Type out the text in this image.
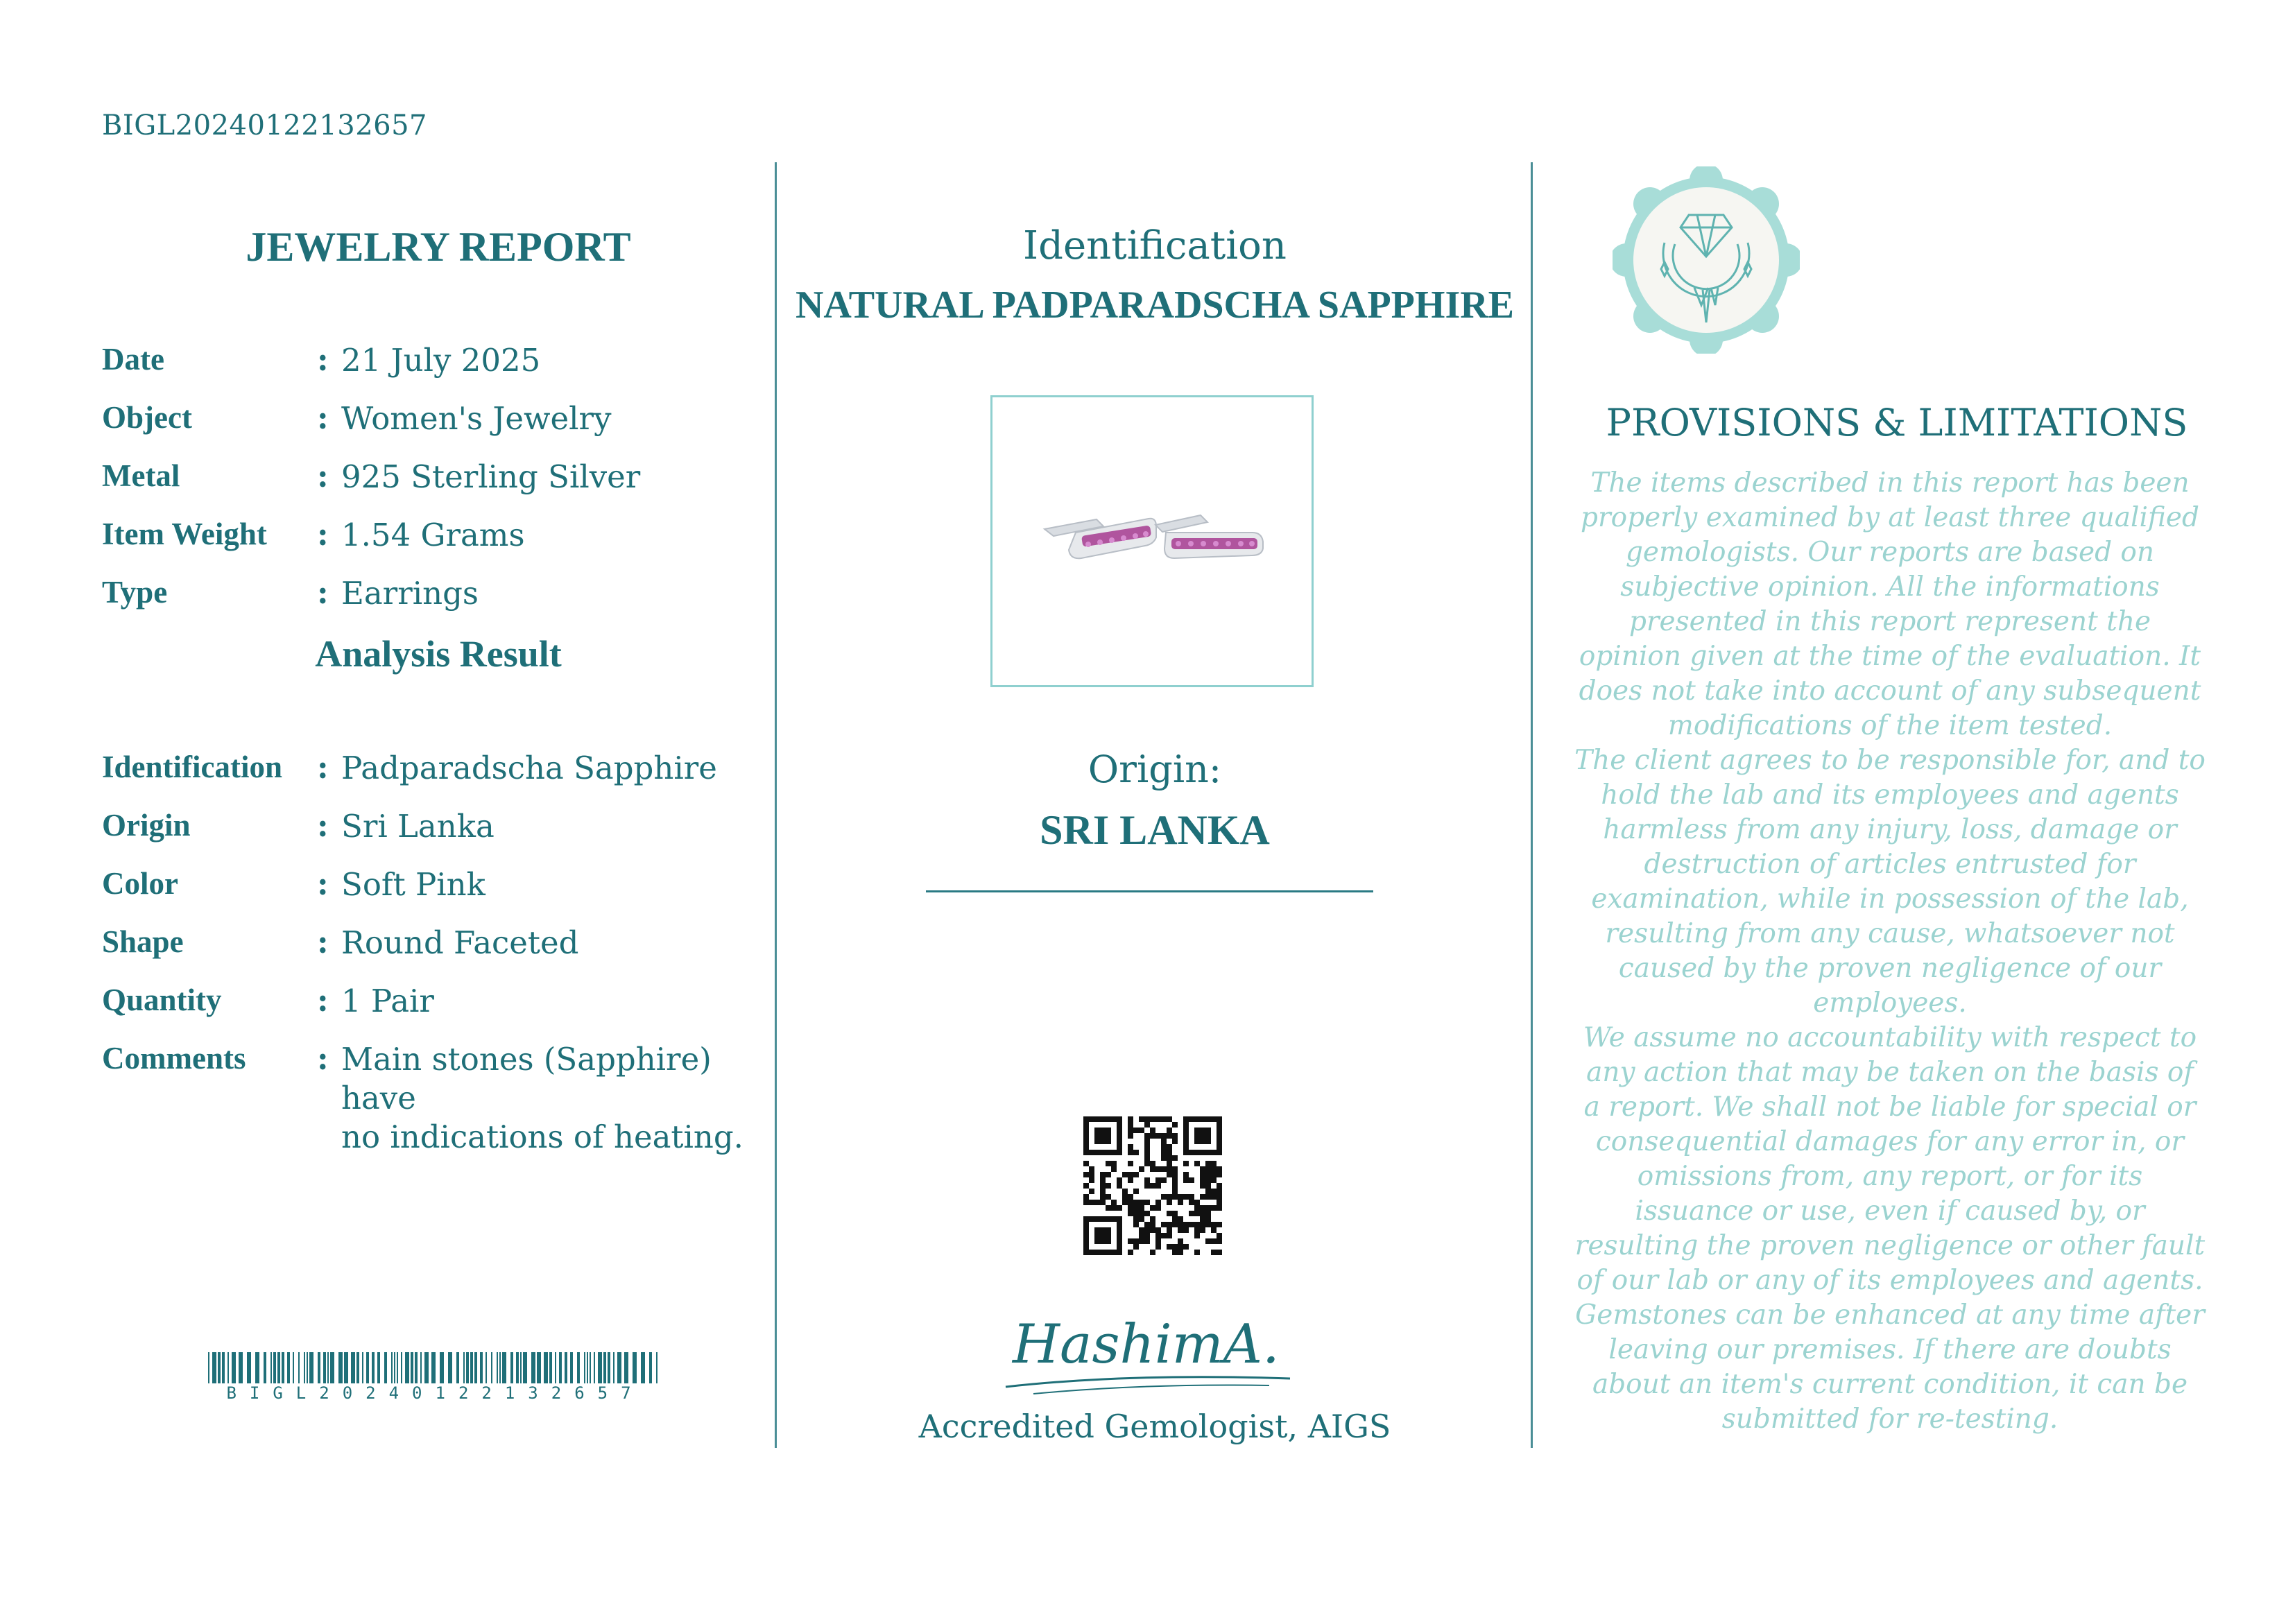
BIGL20240122132657
JEWELRY REPORT
Date	: 21 July 2025
Object	: Women's Jewelry
Metal	: 925 Sterling Silver
Item Weight : 1.54 Grams
Type	: Earrings
Analysis Result
Identification : Padparadscha Sapphire
Origin	: Sri Lanka
Color	: Soft Pink
Shape	: Round Faceted
Quantity	: 1 Pair
Comments : Main stones (Sapphire) have
no indications of heating.
BIGL20240122132657
Identification
NATURAL PADPARADSCHA SAPPHIRE
Origin:
SRI LANKA
HashimA.
Accredited Gemologist, AIGS
PROVISIONS & LIMITATIONS
The items described in this report has been properly examined by at least three qualified gemologists. Our reports are based on subjective opinion. All the informations presented in this report represent the opinion given at the time of the evaluation. It does not take into account of any subsequent modifications of the item tested.
The client agrees to be responsible for, and to hold the lab and its employees and agents harmless from any injury, loss, damage or destruction of articles entrusted for examination, while in possession of the lab, resulting from any cause, whatsoever not caused by the proven negligence of our employees.
We assume no accountability with respect to any action that may be taken on the basis of a report. We shall not be liable for special or consequential damages for any error in, or omissions from, any report, or for its issuance or use, even if caused by, or resulting the proven negligence or other fault of our lab or any of its employees and agents.
Gemstones can be enhanced at any time after leaving our premises. If there are doubts about an item's current condition, it can be submitted for re-testing.
